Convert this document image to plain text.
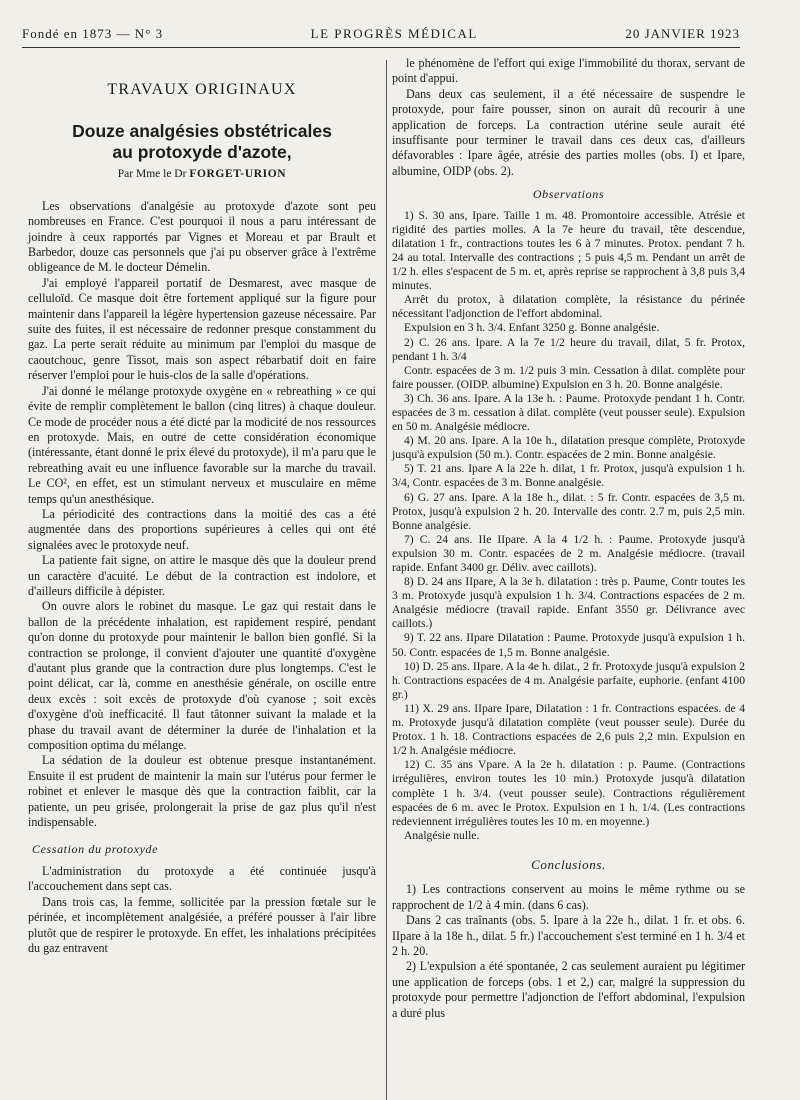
Fondé en 1873 — N° 3	LE PROGRÈS MÉDICAL	20 JANVIER 1923
TRAVAUX ORIGINAUX
Douze analgésies obstétricales
au protoxyde d'azote,
Par Mme le Dr FORGET-URION

Les observations d'analgésie au protoxyde d'azote sont peu nombreuses en France. C'est pourquoi il nous a paru intéressant de joindre à ceux rapportés par Vignes et Moreau et par Brault et Barbedor, douze cas personnels que j'ai pu observer grâce à l'extrême obligeance de M. le docteur Démelin.

J'ai employé l'appareil portatif de Desmarest, avec masque de celluloïd. Ce masque doit être fortement appliqué sur la figure pour maintenir dans l'appareil la légère hypertension gazeuse nécessaire. Par suite des fuites, il est nécessaire de redonner presque constamment du gaz. La perte serait réduite au minimum par l'emploi du masque de caoutchouc, genre Tissot, mais son aspect rébarbatif doit en faire réserver l'emploi pour le huis-clos de la salle d'opérations.

J'ai donné le mélange protoxyde oxygène en « rebreathing » ce qui évite de remplir complètement le ballon (cinq litres) à chaque douleur. Ce mode de procéder nous a été dicté par la modicité de nos ressources en protoxyde. Mais, en outre de cette considération économique (intéressante, étant donné le prix élevé du protoxyde), il m'a paru que le rebreathing avait eu une influence favorable sur la marche du travail. Le CO², en effet, est un stimulant nerveux et musculaire en même temps qu'un anesthésique.

La périodicité des contractions dans la moitié des cas a été augmentée dans des proportions supérieures à celles qui ont été signalées avec le protoxyde neuf.

La patiente fait signe, on attire le masque dès que la douleur prend un caractère d'acuité. Le début de la contraction est indolore, et d'ailleurs difficile à dépister.

On ouvre alors le robinet du masque. Le gaz qui restait dans le ballon de la précédente inhalation, est rapidement respiré, pendant qu'on donne du protoxyde pour maintenir le ballon bien gonflé. Si la contraction se prolonge, il convient d'ajouter une quantité d'oxygène d'autant plus grande que la contraction dure plus longtemps. C'est le point délicat, car là, comme en anesthésie générale, on oscille entre deux excès : soit excès de protoxyde d'où cyanose ; soit excès d'oxygène d'où inefficacité. Il faut tâtonner suivant la malade et la phase du travail avant de déterminer la durée de l'inhalation et la composition optima du mélange.

La sédation de la douleur est obtenue presque instantanément. Ensuite il est prudent de maintenir la main sur l'utérus pour fermer le robinet et enlever le masque dès que la contraction faiblit, car la patiente, un peu grisée, prolongerait la prise de gaz plus qu'il n'est indispensable.

Cessation du protoxyde

L'administration du protoxyde a été continuée jusqu'à l'accouchement dans sept cas.

Dans trois cas, la femme, sollicitée par la pression fœtale sur le périnée, et incomplètement analgésiée, a préféré pousser à l'air libre plutôt que de respirer le protoxyde. En effet, les inhalations précipitées du gaz entravent

le phénomène de l'effort qui exige l'immobilité du thorax, servant de point d'appui.

Dans deux cas seulement, il a été nécessaire de suspendre le protoxyde, pour faire pousser, sinon on aurait dû recourir à une application de forceps. La contraction utérine seule aurait été insuffisante pour terminer le travail dans ces deux cas, d'ailleurs défavorables : Ipare âgée, atrésie des parties molles (obs. I) et Ipare, albumine, OIDP (obs. 2).

Observations

1) S. 30 ans, Ipare. Taille 1 m. 48. Promontoire accessible. Atrésie et rigidité des parties molles. A la 7e heure du travail, tête descendue, dilatation 1 fr., contractions toutes les 6 à 7 minutes. Protox. pendant 7 h. 24 au total. Intervalle des contractions ; 5 puis 4,5 m. Pendant un arrêt de 1/2 h. elles s'espacent de 5 m. et, après reprise se rapprochent à 3,8 puis 3,4 minutes.

Arrêt du protox, à dilatation complète, la résistance du périnée nécessitant l'adjonction de l'effort abdominal.

Expulsion en 3 h. 3/4. Enfant 3250 g. Bonne analgésie.

2) C. 26 ans. Ipare. A la 7e 1/2 heure du travail, dilat, 5 fr. Protox, pendant 1 h. 3/4

Contr. espacées de 3 m. 1/2 puis 3 min. Cessation à dilat. complète pour faire pousser. (OIDP. albumine) Expulsion en 3 h. 20. Bonne analgésie.

3) Ch. 36 ans. Ipare. A la 13e h. : Paume. Protoxyde pendant 1 h. Contr. espacées de 3 m. cessation à dilat. complète (veut pousser seule). Expulsion en 50 m. Analgésie médiocre.

4) M. 20 ans. Ipare. A la 10e h., dilatation presque complète, Protoxyde jusqu'à expulsion (50 m.). Contr. espacées de 2 min. Bonne analgésie.

5) T. 21 ans. Ipare A la 22e h. dilat, 1 fr. Protox, jusqu'à expulsion 1 h. 3/4, Contr. espacées de 3 m. Bonne analgésie.

6) G. 27 ans. Ipare. A la 18e h., dilat. : 5 fr. Contr. espacées de 3,5 m. Protox, jusqu'à expulsion 2 h. 20. Intervalle des contr. 2.7 m, puis 2,5 min. Bonne analgésie.

7) C. 24 ans. IIe IIpare. A la 4 1/2 h. : Paume. Protoxyde jusqu'à expulsion 30 m. Contr. espacées de 2 m. Analgésie médiocre. (travail rapide. Enfant 3400 gr. Déliv. avec caillots).

8) D. 24 ans IIpare, A la 3e h. dilatation : très p. Paume, Contr toutes les 3 m. Protoxyde jusqu'à expulsion 1 h. 3/4. Contractions espacées de 2 m. Analgésie médiocre (travail rapide. Enfant 3550 gr. Délivrance avec caillots.)

9) T. 22 ans. IIpare Dilatation : Paume. Protoxyde jusqu'à expulsion 1 h. 50. Contr. espacées de 1,5 m. Bonne analgésie.

10) D. 25 ans. IIpare. A la 4e h. dilat., 2 fr. Protoxyde jusqu'à expulsion 2 h. Contractions espacées de 4 m. Analgésie parfaite, euphorie. (enfant 4100 gr.)

11) X. 29 ans. IIpare Ipare, Dilatation : 1 fr. Contractions espacées. de 4 m. Protoxyde jusqu'à dilatation complète (veut pousser seule). Durée du Protox. 1 h. 18. Contractions espacées de 2,6 puis 2,2 min. Expulsion en 1/2 h. Analgésie médiocre.

12) C. 35 ans Vpare. A la 2e h. dilatation : p. Paume. (Contractions irrégulières, environ toutes les 10 min.) Protoxyde jusqu'à dilatation complète 1 h. 3/4. (veut pousser seule). Contractions régulièrement espacées de 6 m. avec le Protox. Expulsion en 1 h. 1/4. (Les contractions redeviennent irrégulières toutes les 10 m. en moyenne.)

Analgésie nulle.

Conclusions.

1) Les contractions conservent au moins le même rythme ou se rapprochent de 1/2 à 4 min. (dans 6 cas).

Dans 2 cas traînants (obs. 5. Ipare à la 22e h., dilat. 1 fr. et obs. 6. IIpare à la 18e h., dilat. 5 fr.) l'accouchement s'est terminé en 1 h. 3/4 et 2 h. 20.

2) L'expulsion a été spontanée, 2 cas seulement auraient pu légitimer une application de forceps (obs. 1 et 2,) car, malgré la suppression du protoxyde pour permettre l'adjonction de l'effort abdominal, l'expulsion a duré plus
